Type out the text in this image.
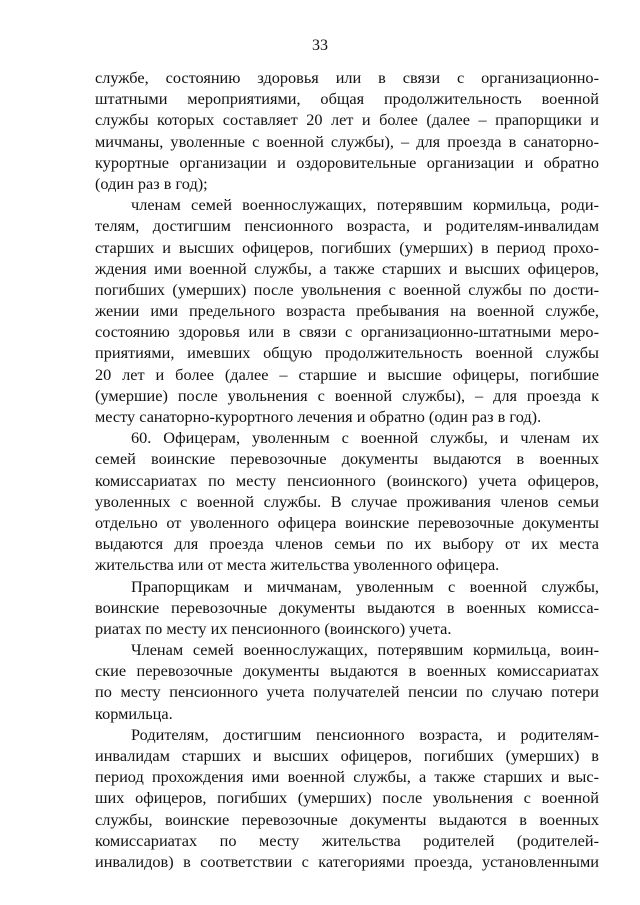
33
службе, состоянию здоровья или в связи с организационно-
штатными мероприятиями, общая продолжительность военной
службы которых составляет 20 лет и более (далее – прапорщики и
мичманы, уволенные с военной службы), – для проезда в санаторно-
курортные организации и оздоровительные организации и обратно
(один раз в год);
членам семей военнослужащих, потерявшим кормильца, роди-
телям, достигшим пенсионного возраста, и родителям-инвалидам
старших и высших офицеров, погибших (умерших) в период прохо-
ждения ими военной службы, а также старших и высших офицеров,
погибших (умерших) после увольнения с военной службы по дости-
жении ими предельного возраста пребывания на военной службе,
состоянию здоровья или в связи с организационно-штатными меро-
приятиями, имевших общую продолжительность военной службы
20 лет и более (далее – старшие и высшие офицеры, погибшие
(умершие) после увольнения с военной службы), – для проезда к
месту санаторно-курортного лечения и обратно (один раз в год).
60. Офицерам, уволенным с военной службы, и членам их
семей воинские перевозочные документы выдаются в военных
комиссариатах по месту пенсионного (воинского) учета офицеров,
уволенных с военной службы. В случае проживания членов семьи
отдельно от уволенного офицера воинские перевозочные документы
выдаются для проезда членов семьи по их выбору от их места
жительства или от места жительства уволенного офицера.
Прапорщикам и мичманам, уволенным с военной службы,
воинские перевозочные документы выдаются в военных комисса-
риатах по месту их пенсионного (воинского) учета.
Членам семей военнослужащих, потерявшим кормильца, воин-
ские перевозочные документы выдаются в военных комиссариатах
по месту пенсионного учета получателей пенсии по случаю потери
кормильца.
Родителям, достигшим пенсионного возраста, и родителям-
инвалидам старших и высших офицеров, погибших (умерших) в
период прохождения ими военной службы, а также старших и выс-
ших офицеров, погибших (умерших) после увольнения с военной
службы, воинские перевозочные документы выдаются в военных
комиссариатах по месту жительства родителей (родителей-
инвалидов) в соответствии с категориями проезда, установленными
